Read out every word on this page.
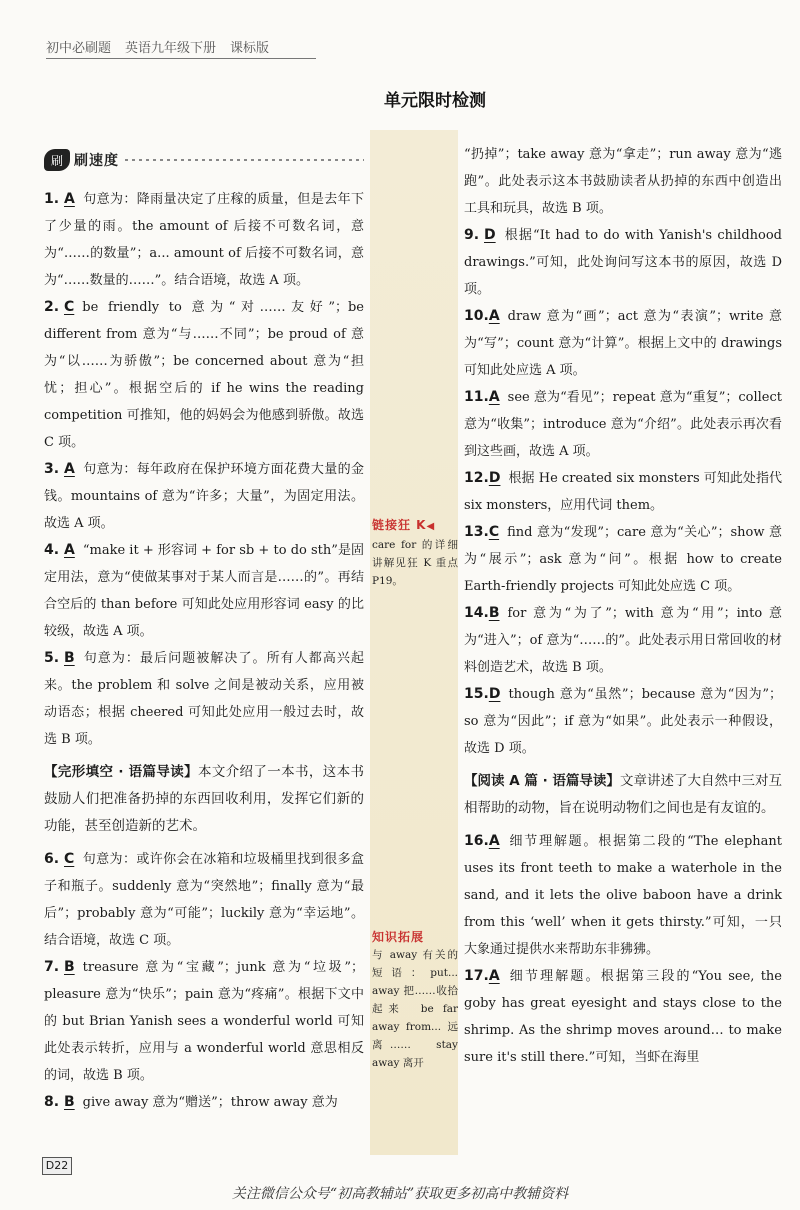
初中必刷题 英语九年级下册 课标版
单元限时检测
刷 刷速度
1. A 句意为：降雨量决定了庄稼的质量，但是去年下了少量的雨。the amount of 后接不可数名词，意为“……的数量”；a... amount of 后接不可数名词，意为“……数量的……”。结合语境，故选 A 项。
2. C be friendly to 意为“对……友好”；be different from 意为“与……不同”；be proud of 意为“以……为骄傲”；be concerned about 意为“担忧；担心”。根据空后的 if he wins the reading competition 可推知，他的妈妈会为他感到骄傲。故选 C 项。
3. A 句意为：每年政府在保护环境方面花费大量的金钱。mountains of 意为“许多；大量”，为固定用法。故选 A 项。
4. A “make it + 形容词 + for sb + to do sth”是固定用法，意为“使做某事对于某人而言是……的”。再结合空后的 than before 可知此处应用形容词 easy 的比较级，故选 A 项。
5. B 句意为：最后问题被解决了。所有人都高兴起来。the problem 和 solve 之间是被动关系，应用被动语态；根据 cheered 可知此处应用一般过去时，故选 B 项。
【完形填空 · 语篇导读】本文介绍了一本书，这本书鼓励人们把准备扔掉的东西回收利用，发挥它们新的功能，甚至创造新的艺术。
6. C 句意为：或许你会在冰箱和垃圾桶里找到很多盒子和瓶子。suddenly 意为“突然地”；finally 意为“最后”；probably 意为“可能”；luckily 意为“幸运地”。结合语境，故选 C 项。
7. B treasure 意为“宝藏”；junk 意为“垃圾”；pleasure 意为“快乐”；pain 意为“疼痛”。根据下文中的 but Brian Yanish sees a wonderful world 可知此处表示转折，应用与 a wonderful world 意思相反的词，故选 B 项。
8. B give away 意为“赠送”；throw away 意为
“扔掉”；take away 意为“拿走”；run away 意为“逃跑”。此处表示这本书鼓励读者从扔掉的东西中创造出工具和玩具，故选 B 项。
9. D 根据“It had to do with Yanish's childhood drawings.”可知，此处询问写这本书的原因，故选 D 项。
10.A draw 意为“画”；act 意为“表演”；write 意为“写”；count 意为“计算”。根据上文中的 drawings 可知此处应选 A 项。
11.A see 意为“看见”；repeat 意为“重复”；collect 意为“收集”；introduce 意为“介绍”。此处表示再次看到这些画，故选 A 项。
12.D 根据 He created six monsters 可知此处指代 six monsters，应用代词 them。
13.C find 意为“发现”；care 意为“关心”；show 意为“展示”；ask 意为“问”。根据 how to create Earth-friendly projects 可知此处应选 C 项。
14.B for 意为“为了”；with 意为“用”；into 意为“进入”；of 意为“……的”。此处表示用日常回收的材料创造艺术，故选 B 项。
15.D though 意为“虽然”；because 意为“因为”；so 意为“因此”；if 意为“如果”。此处表示一种假设，故选 D 项。
【阅读 A 篇 · 语篇导读】文章讲述了大自然中三对互相帮助的动物，旨在说明动物们之间也是有友谊的。
16.A 细节理解题。根据第二段的“The elephant uses its front teeth to make a waterhole in the sand, and it lets the olive baboon have a drink from this ‘well’ when it gets thirsty.”可知，一只大象通过提供水来帮助东非狒狒。
17.A 细节理解题。根据第三段的“You see, the goby has great eyesight and stays close to the shrimp. As the shrimp moves around… to make sure it's still there.”可知，当虾在海里
链接狂 K◀
care for 的详细讲解见狂 K 重点 P19。
知识拓展
与 away 有关的短语：put... away 把……收拾起来　be far away from... 远离……　stay away 离开
D22
关注微信公众号“初高教辅站”获取更多初高中教辅资料
